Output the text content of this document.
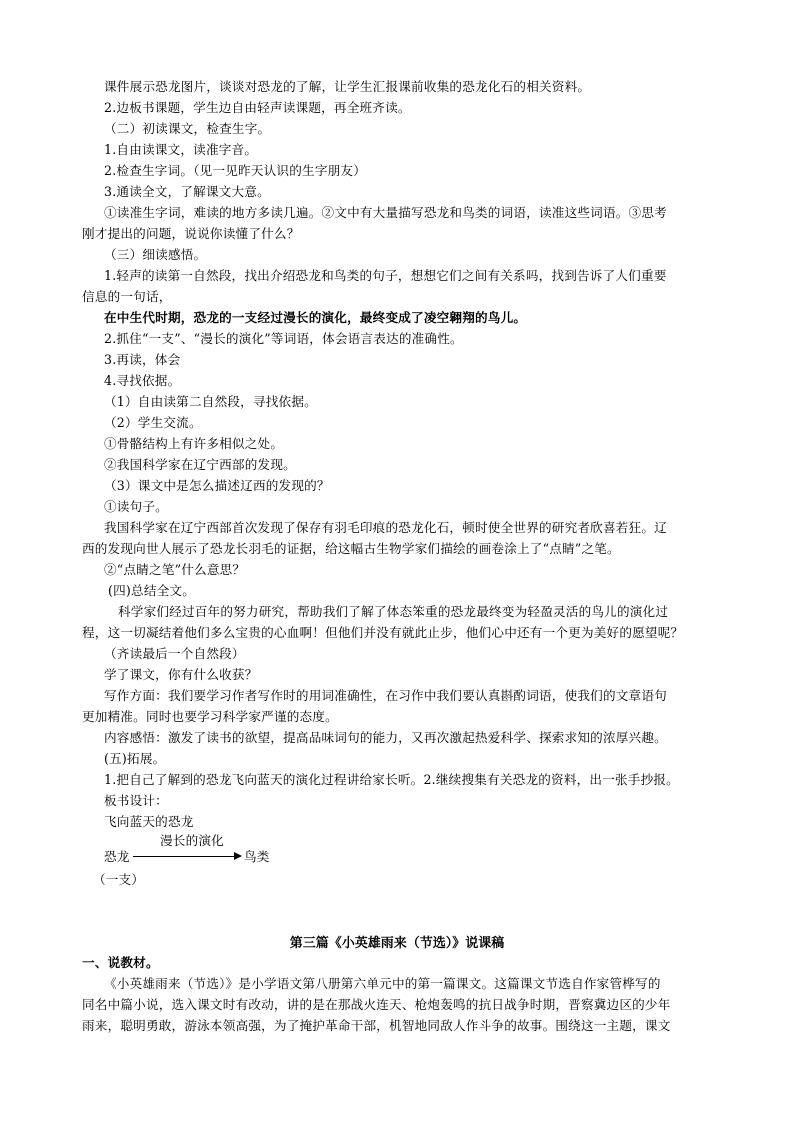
课件展示恐龙图片，谈谈对恐龙的了解，让学生汇报课前收集的恐龙化石的相关资料。
2.边板书课题，学生边自由轻声读课题，再全班齐读。
（二）初读课文，检查生字。
1.自由读课文，读准字音。
2.检查生字词。（见一见昨天认识的生字朋友）
3.通读全文，了解课文大意。
①读准生字词，难读的地方多读几遍。②文中有大量描写恐龙和鸟类的词语，读准这些词语。③思考
刚才提出的问题，说说你读懂了什么？
（三）细读感悟。
1.轻声的读第一自然段，找出介绍恐龙和鸟类的句子，想想它们之间有关系吗，找到告诉了人们重要
信息的一句话，
在中生代时期，恐龙的一支经过漫长的演化，最终变成了凌空翱翔的鸟儿。
2.抓住“一支”、“漫长的演化”等词语，体会语言表达的准确性。
3.再读，体会
4.寻找依据。
（1）自由读第二自然段，寻找依据。
（2）学生交流。
①骨骼结构上有许多相似之处。
②我国科学家在辽宁西部的发现。
（3）课文中是怎么描述辽西的发现的？
①读句子。
我国科学家在辽宁西部首次发现了保存有羽毛印痕的恐龙化石，顿时使全世界的研究者欣喜若狂。辽
西的发现向世人展示了恐龙长羽毛的证据，给这幅古生物学家们描绘的画卷涂上了“点睛”之笔。
②“点睛之笔”什么意思？
(四)总结全文。
科学家们经过百年的努力研究，帮助我们了解了体态笨重的恐龙最终变为轻盈灵活的鸟儿的演化过
程，这一切凝结着他们多么宝贵的心血啊！但他们并没有就此止步，他们心中还有一个更为美好的愿望呢？
（齐读最后一个自然段）
学了课文，你有什么收获？
写作方面：我们要学习作者写作时的用词准确性，在习作中我们要认真斟酌词语，使我们的文章语句
更加精准。同时也要学习科学家严谨的态度。
内容感悟：激发了读书的欲望，提高品味词句的能力，又再次激起热爱科学、探索求知的浓厚兴趣。
(五)拓展。
1.把自己了解到的恐龙飞向蓝天的演化过程讲给家长听。2.继续搜集有关恐龙的资料，出一张手抄报。
板书设计：
飞向蓝天的恐龙
漫长的演化
恐龙	鸟类
（一支）
第三篇《小英雄雨来（节选）》说课稿
一、说教材。
《小英雄雨来（节选）》是小学语文第八册第六单元中的第一篇课文。这篇课文节选自作家管桦写的
同名中篇小说，选入课文时有改动，讲的是在那战火连天、枪炮轰鸣的抗日战争时期，晋察冀边区的少年
雨来，聪明勇敢，游泳本领高强，为了掩护革命干部，机智地同敌人作斗争的故事。围绕这一主题，课文
